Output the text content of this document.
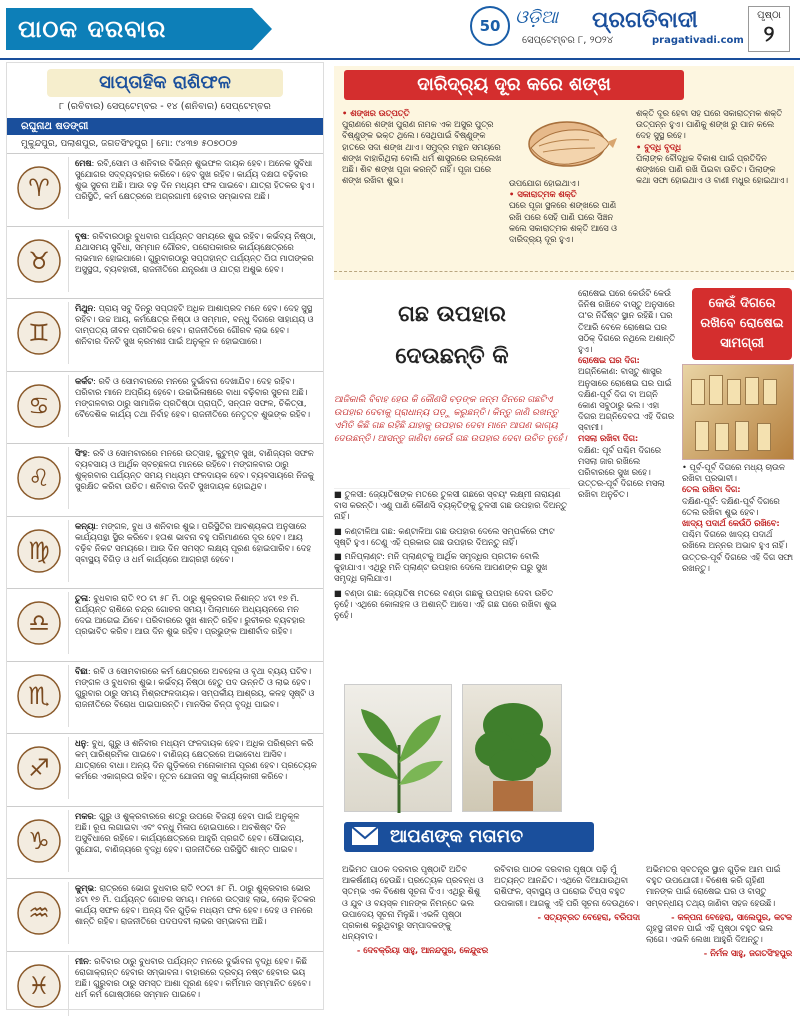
ପାଠକ ଦରବାର	50 ଓଡ଼ିଆ ପ୍ରଗତିବାଦୀ
ସେପ୍ଟେମ୍ବର ୮, ୨୦୨୪	pragativadi.com
ପୃଷ୍ଠା
୨
ସାପ୍ତାହିକ ରାଶିଫଳ
୮ (ରବିବାର) ସେପ୍ଟେମ୍ବର - ୧୪ (ଶନିବାର) ସେପ୍ଟେମ୍ବର
ରଘୁନାଥ ଷଡଙ୍ଗୀ
ମୁକୁନ୍ଦପୁର, ପଲାଶପୁର, ଜଗତସିଂହପୁର | ମୋ: ୯୪୩୭ ୫୦୭୦୦୭
♈
ମେଷ: ରବି,ସୋମ ଓ ଶନିବାର ବିଭିନ୍ନ ଶୁଭଫଳ ଦାୟକ ହେବ। ଅନେକ ସୁବିଧା ସୁଯୋଗର ସଦ୍ବ୍ୟବହାର କରିବେ। ହେବ ସୁଖ ରହିବ। କାର୍ଯ୍ୟ ଦକ୍ଷତା ବଢ଼ିବାର ଶୁଭ ସୁଚନା ଅଛି। ଆଉ ବଢ଼ ଦିନ ମଧ୍ୟମ ଫଳ ପାଇବେ। ଯାତ୍ରା ହିତକର ହୁଏ। ପରିସ୍ଥିତି, କର୍ମ କ୍ଷେତ୍ରରେ ଅଗ୍ରଗାମୀ ହେବାର ସମ୍ଭାବନା ଅଛି।
♉
ବୃଷ: ରବିବାରଠାରୁ ବୁଧବାର ପର୍ଯ୍ୟନ୍ତ ସମୟରେ ଶୁଭ ରହିବ। କର୍ଭବ୍ୟ ନିଷ୍ଠା, ଯଥାସମୟ ସୁବିଧା, ସମ୍ମାନ ଗୌରବ, ପରୋପକାରର କାର୍ଯ୍ୟକ୍ଷେତ୍ରରେ ଲାଭମାନ ହୋଇପାରେ। ଗୁରୁବାରଠାରୁ ସପ୍ତାହାନ୍ତ ପର୍ଯ୍ୟନ୍ତ ପିତା ମାତାଙ୍କର ଅସୁସ୍ଥତା, ବ୍ୟବହାରୀ, ରାଜନୀତିରେ ଯନ୍ତ୍ରଣା ଓ ଯାତ୍ରା ଅଶୁଭ ହେବ।
♊
ମିଥୁନ: ପ୍ରାୟ ସବୁ ଦିନରୁ ସପ୍ତାହଟି ଅଧିକ ଆଶାପ୍ରଦ ମନେ ହେବ। ଦେହ ସୁସ୍ଥ ରହିବ। ଉଚ୍ଚ ଆୟ, କର୍ମକ୍ଷେତ୍ର ନିଷ୍ଠା ଓ ସମ୍ମାନ, ବନ୍ଧୁ ଦିଗରେ ସାହାଯ୍ୟ ଓ ଦାମ୍ପତ୍ୟ ଜୀବନ ପ୍ରୀତିକର ହେବ। ରାଜନୀତିରେ ଗୌରବ ଲାଭ ହେବ। ଶନିବାର ଦିନଟି ସୁଖ କ୍ରମଶଃ ପାଇଁ ଅନୁକୂଳ ନ ହୋଇପାରେ।
♋
କର୍କଟ: ରବି ଓ ସୋମବାରରେ ମନରେ ଦୁର୍ଭାବନା ଦେଖାଯିବ। ଦେହ ରହିବ। ପରିବାର ମାନେ ଅପ୍ରିୟ ହେବେ। ଉଚ୍ଚାଭିଳାଷରେ ବାଧା ବଢ଼ିବାର ସୁଚନା ଅଛି। ମଙ୍ଗଳବାର ଠାରୁ ସାମାଜିକ ପ୍ରତିଷ୍ଠା ପ୍ରାପ୍ତି, ସନ୍ତାନ ସଫଳ, ଚିକିତ୍ସା, ବୈଦେଶିକ କାର୍ଯ୍ୟ ତଥା ନିର୍ବାହ ହେବ। ରାଜନୀତିରେ ନେତୃତ୍ବ ଶୁଭଙ୍କ ରହିବ।
♌
ସିଂହ: ରବି ଓ ସୋମବାରରେ ମନରେ ଉତ୍ସାହ, କୁଟୁମ୍ବ ସୁଖ, ବାଣିଜ୍ୟର ସଫଳ ବ୍ୟବସାୟ ଓ ଆର୍ଥିକ ସ୍ବଚ୍ଛଳତା ମାନରେ ରହିବେ। ମଙ୍ଗଳବାର ଠାରୁ ଶୁକ୍ରବାର ପର୍ଯ୍ୟନ୍ତ ସମୟ ମଧ୍ୟମ ଫଳଦାୟକ ହେବ। ବ୍ୟବସାୟରେ ନିଜକୁ ସୁରକ୍ଷିତ କରିବା ଉଚିତ। ଶନିବାର ଦିନଟି ସୁଖଦାୟକ ହୋଇଥିବ।
♍
କନ୍ୟା: ମଙ୍ଗଳ, ବୁଧ ଓ ଶନିବାର ଶୁଭ। ପରିସ୍ଥିତିର ଆବଶ୍ୟକତା ଅନୁସାରେ କାର୍ଯ୍ୟପନ୍ଥା ସ୍ଥିର କରିବେ। ହତାଶ ଭାବନା ବହୁ ପରିମାଣରେ ଦୂର ହେବ। ଆୟ ବଢ଼ିବ ନିକଟ ସମୟରେ। ଆଉ ଦିନ ସମସ୍ତ ଲକ୍ଷ୍ୟ ପୂରଣ ହୋଇପାରିବ। ଦେହ ସ୍ବାସ୍ଥ୍ୟ ବିଗିଡ଼ ଓ ଧର୍ମ କାର୍ଯ୍ୟରେ ଆଗ୍ରହୀ ହେବେ।
♎
ତୁଳା: ବୁଧବାର ରାତି ୧୦ ଟା ୫୮ ମି. ଠାରୁ ଶୁକ୍ରବାର ନିଶାନ୍ତ ୪ଟା ୧୭ ମି. ପର୍ଯ୍ୟନ୍ତ ରାଶିରେ ଚନ୍ଦ୍ର ଗୋଚର ସମୟ। ପିଲାମାନେ ଅଧ୍ୟୟନରେ ମନ ଦେଇ ଆଗେଇ ଯିବେ। ପରିବାରରେ ସୁଖ ଶାନ୍ତି ରହିବ। ରୁଚୀକର ବ୍ୟବହାର ପ୍ରଭାବିତ କରିବ। ଆଉ ଦିନ ଶୁଭ ରହିବ। ପ୍ରଭୁଙ୍କ ଆଶୀର୍ବାଦ ରହିବ।
♏
ବିଛା: ରବି ଓ ସୋମବାରରେ କର୍ମ କ୍ଷେତ୍ରରେ ଅବହେଳା ଓ ବୃଥା ବ୍ୟୟ ଘଟିବ। ମଙ୍ଗଳ ଓ ବୁଧବାର ଶୁଭ। କର୍ଭବ୍ୟ ନିଷ୍ଠା ହେତୁ ପଦ ଉନ୍ନତି ଓ ଲାଭ ହେବ। ଗୁରୁବାର ଠାରୁ ସମୟ ମିଶ୍ରଫଳଦାୟକ। ସମ୍ପର୍କୀୟ ଆଶ୍ରୟ, କଳହ ସୃଷ୍ଟି ଓ ରାଜନୀତିରେ ବିରୋଧ ପାଇପାରନ୍ତି। ମାନସିକ ଚିନ୍ତା ବୃଦ୍ଧି ପାଇବ।
♐
ଧନୁ: ବୁଧ, ଗୁରୁ ଓ ଶନିବାର ମଧ୍ୟମ ଫଳଦାୟକ ହେବ। ଅଧିକ ପରିଶ୍ରମ କରି କମ୍ ପାରିଶ୍ରମିକ ପାଇବେ। ବାଣିଜ୍ୟ କ୍ଷେତ୍ରରେ ଅଭାବୋଧ ଆସିବ। ଯାତ୍ରାରେ ବାଧା। ଅନ୍ୟ ଦିନ ଗୁଡ଼ିକରେ ମନୋକାମନା ପୂରଣ ହେବ। ପ୍ରତ୍ୟେକ କର୍ମରେ ଏକାଗ୍ରତା ରହିବ। ନୂତନ ଯୋଜନା ସବୁ କାର୍ଯ୍ୟକାରୀ କରିବେ।
♑
ମକର: ଗୁରୁ ଓ ଶୁକ୍ରବାରରେ ଶତ୍ରୁ ଉପରେ ବିଜୟୀ ହେବା ପାଇଁ ଅନୁକୂଳ ଅଛି। ରୂପ ଲଗାଇବା ଏବଂ ବନ୍ଧୁ ମିଳାପ ହୋଇପାରେ। ଅବଶିଷ୍ଟ ଦିନ ଅସୁବିଧାରେ ରହିବେ। କାର୍ଯ୍ୟକ୍ଷେତ୍ରରେ ଆହୁରି ପ୍ରଗତି ହେବ। ସୌଭାଗ୍ୟ, ସୁଯୋଗ, ବାଣିଜ୍ୟରେ ବୃଦ୍ଧି ହେବ। ରାଜନୀତିରେ ପରିସ୍ଥିତି ଶାନ୍ତ ପାଇବ।
♒
କୁମ୍ଭ: ରାତ୍ରରେ ଭୋଗ ବୁଧବାର ରାତି ୧୦ଟା ୫୮ ମି. ଠାରୁ ଶୁକ୍ରବାର ଭୋର ୪ଟା ୧୭ ମି. ପର୍ଯ୍ୟନ୍ତ ଗୋଚର ସମୟ। ମନରେ ଉତ୍ସାହ ଲାଭ, ଲୋକ ହିତକର କାର୍ଯ୍ୟ ସଫଳ ହେବ। ଅନ୍ୟ ଦିନ ଗୁଡ଼ିକ ମଧ୍ୟମ ଫଳ ହେବ। ଦେହ ଓ ମନରେ ଶାନ୍ତି ରହିବ। ରାଜନୀତିରେ ପଦପଦବୀ ଲାଭର ସମ୍ଭାବନା ଅଛି।
♓
ମୀନ: ରବିବାର ଠାରୁ ବୁଧବାର ପର୍ଯ୍ୟନ୍ତ ମନରେ ଦୁର୍ଭାବନା ବୃଦ୍ଧି ହେବ। କିଛି ରୋଗାକ୍ରାନ୍ତ ହେବାର ସମ୍ଭାବନା। ବାହାରରେ ଦ୍ରବ୍ୟ ନଷ୍ଟ ହେବାର ଭୟ ଅଛି। ଗୁରୁବାର ଠାରୁ ସମସ୍ତ ଆଶା ପୂରଣ ହେବ। କର୍ମିମାନ ସମ୍ମାନିତ ହେବେ। ଧର୍ମ କର୍ମ ଗୋଷ୍ଠୀରେ ସମ୍ମାନ ପାଇବେ।
ଦାରିଦ୍ର୍ୟ ଦୂର କରେ ଶଙ୍ଖ
• ଶଙ୍ଖର ଉତ୍ପତ୍ତି
ପୁରାଣରେ ଶଙ୍ଖ ପୁରାଣ ନାମକ ଏକ ଅସୁର ପୁତ୍ର ବିଷ୍ଣୁଙ୍କ ଭକ୍ତ ଥିଲେ। ସେଥିପାଇଁ ବିଷ୍ଣୁଙ୍କ ହାତରେ ସଦା ଶଙ୍ଖ ଥାଏ। ସମୁଦ୍ର ମନ୍ଥନ ସମୟରେ ଶଙ୍ଖ ବାହାରିଥିଲା ବୋଲି ଧର୍ମ ଶାସ୍ତ୍ରରେ ଉଲ୍ଲେଖ ଅଛି। ଶିବ ଶଙ୍ଖ ପୂଜା କରନ୍ତି ନାହିଁ। ପୂଜା ଘରେ ଶଙ୍ଖ ରଖିବା ଶୁଭ।	ଉପଯୋଗ ହୋଇଥାଏ।
• ସକାରାତ୍ମକ ଶକ୍ତି
ଘରେ ପୂଜା ସ୍ଥଳରେ ଶଙ୍ଖରେ ପାଣି ରଖି ପରେ ସେହି ପାଣି ଘରେ ସିଞ୍ଚନ କଲେ ସକାରାତ୍ମକ ଶକ୍ତି ଆସେ ଓ ଦାରିଦ୍ର୍ୟ ଦୂର ହୁଏ।
ଶକ୍ତି ଦୂର ହେବା ସହ ଘରେ ସକାରାତ୍ମକ ଶକ୍ତି ଉତ୍ପନ୍ନ ହୁଏ। ପାଣିକୁ ଶଙ୍ଖ ରୁ ପାନ କଲେ ଦେହ ସୁସ୍ଥ ରହେ।
• ବୁଦ୍ଧି ବୃଦ୍ଧି
ପିଲାଙ୍କ ବୌଦ୍ଧିକ ବିକାଶ ପାଇଁ ପ୍ରତିଦିନ ଶଙ୍ଖରେ ପାଣି ରଖି ପିଇବା ଉଚିତ। ପିଲାଙ୍କ କଥା ସଫା ହୋଇଥାଏ ଓ ବାଣୀ ମଧୁର ହୋଇଥାଏ।
ଗଛ ଉପହାର
ଦେଉଛନ୍ତି କି
ଆଜିକାଲି ବିବାହ ହେଉ କି କୌଣସି ବଡ଼ଙ୍କ ଜନ୍ମ ଦିନରେ ଗଛଟିଏ ଉପହାର ଦେବାକୁ ପ୍ରାଧାନ୍ୟ ପଡ଼ୁ କରୁଛନ୍ତି। କିନ୍ତୁ ଜାଣି ରଖନ୍ତୁ ଏମିତି କିଛି ଗଛ ରହିଛି ଯାହାକୁ ଉପହାର ଦେବା ମାନେ ଆପଣ ଭାଗ୍ୟ ଦେଉଛନ୍ତି। ଆସନ୍ତୁ ଜାଣିବା କେଉଁ ଗଛ ଉପହାର ଦେବା ଉଚିତ ନୁହେଁ।

■ ତୁଳସୀ: ଜ୍ୟୋତିଷଙ୍କ ମତରେ ତୁଳସୀ ଗଛରେ ସ୍ବୟଂ ଲକ୍ଷ୍ମୀ ନାରାୟଣ ବାସ କରନ୍ତି। ଏଣୁ ପାଣି କୌଣସି ବ୍ୟକ୍ତିଙ୍କୁ ତୁଳସୀ ଗଛ ଉପହାର ଦିଅନ୍ତୁ ନାହିଁ।

■ କଣ୍ଟାଳିଆ ଗଛ: କଣ୍ଟାଳିଆ ଗଛ ଉପହାର ଦେଲେ ସମ୍ପର୍କରେ ଫାଟ ସୃଷ୍ଟି ହୁଏ। ତେଣୁ ଏହି ପ୍ରକାର ଗଛ ଉପହାର ଦିଅନ୍ତୁ ନାହିଁ।

■ ମନିପ୍ଲାଣ୍ଟ: ମନି ପ୍ଲାଣ୍ଟକୁ ଆର୍ଥିକ ସମୃଦ୍ଧିର ପ୍ରତୀକ ବୋଲି କୁହାଯାଏ। ଏଥିରୁ ମନି ପ୍ଲାଣ୍ଟ ଉପହାର ଦେଲେ ଆପଣଙ୍କ ଘରୁ ସୁଖ ସମୃଦ୍ଧି ଚାଲିଯାଏ।

■ ବଣ୍ଡା ଗଛ: ଜ୍ୟୋତିଷ ମତରେ ବଣ୍ଡା ଗଛକୁ ଉପହାର ଦେବା ଉଚିତ ନୁହେଁ। ଏଥିରେ କୋଳାହଳ ଓ ଅଶାନ୍ତି ଆସେ। ଏହି ଗଛ ଘରେ ରଖିବା ଶୁଭ ନୁହେଁ।

ରୋଷେଇ ଘରେ କେଉଁଟି କେଉଁ ଜିନିଷ ରଖିବେ ବାସ୍ତୁ ଅନୁସାରେ ତା'ର ନିର୍ଦ୍ଦିଷ୍ଟ ସ୍ଥାନ ରହିଛି। ଘର ତିଆରି ବେଳେ ରୋଷେଇ ଘର ସଠିକ୍ ଦିଗରେ ନଥିଲେ ଅଶାନ୍ତି ହୁଏ।
ରୋଷେଇ ଘର ଦିଗ:
ଅଗ୍ନିକୋଣ: ବାସ୍ତୁ ଶାସ୍ତ୍ର ଅନୁସାରେ ରୋଷେଇ ଘର ପାଇଁ ଦକ୍ଷିଣ-ପୂର୍ବ ଦିଗ ବା ଅଗ୍ନି କୋଣ ସବୁଠାରୁ ଭଲ। ଏହା ଦିଗର ଅଗ୍ନିଦେବତା ଏହି ଦିଗର ସ୍ବାମୀ।
ମସଲା ରଖିବା ଦିଗ:
ଦକ୍ଷିଣ: ପୂର୍ବ ପଶ୍ଚିମ ଦିଗରେ ମସଲା ଜାର ରଖିଲେ ପରିବାରରେ ସୁଖ ରହେ। ଉତ୍ତର-ପୂର୍ବ ଦିଗରେ ମସଲା ରଖିବା ଅନୁଚିତ।
କେଉଁ ଦିଗରେ ରଖିବେ ରୋଷେଇ ସାମଗ୍ରୀ
• ପୂର୍ବ-ପୂର୍ବ ଦିଗରେ ମଧ୍ୟ ଚାଉଳ ରଖିବା ପ୍ରଭାବୀ।
ତେଲ ରଖିବା ଦିଗ:
ଦକ୍ଷିଣ-ପୂର୍ବ: ଦକ୍ଷିଣ-ପୂର୍ବ ଦିଗରେ ତେଲ ରଖିବା ଶୁଭ ହେବ।
ଖାଦ୍ୟ ପଦାର୍ଥ କେଉଁଠି ରଖିବେ:
ପଶ୍ଚିମ ଦିଗରେ ଖାଦ୍ୟ ପଦାର୍ଥ ରଖିଲେ ଅନ୍ନର ଅଭାବ ହୁଏ ନାହିଁ। ଉତ୍ତର-ପୂର୍ବ ଦିଗରେ ଏହି ଦିଗ ସଫା ରଖନ୍ତୁ।
ଆପଣଙ୍କ ମତାମତ
ଅଭିମତ ପାଠକ ଦରବାର ପୃଷ୍ଠାଟି ଅତିବ ଆକର୍ଷଣୀୟ ହେଉଛି। ପ୍ରତ୍ୟେକ ପ୍ରବନ୍ଧ ଓ ସ୍ତମ୍ଭ ଏକ ବିଶେଷ ସୂଚନା ଦିଏ। ଏଥିରୁ ଶିଶୁ ଓ ଯୁବ ଓ ବୟସ୍କ ମାନଙ୍କ ନିମନ୍ତେ ଭଲ ଉପାଦେୟ ସୂଚନା ମିଳୁଛି। ଏଭଳି ପୃଷ୍ଠା ପ୍ରକାଶ କରୁଥିବାରୁ ସମ୍ପାଦକଙ୍କୁ ଧନ୍ୟବାଦ।
- ଦେବକ୍ରିୟା ସାହୁ, ଆନନ୍ଦପୁର, କେନ୍ଦୁଝର
ରବିବାର ପାଠକ ଦରବାର ପୃଷ୍ଠା ପଢ଼ି ମୁଁ ଅତ୍ୟନ୍ତ ଆନନ୍ଦିତ। ଏଥିରେ ଦିଆଯାଉଥିବା ରାଶିଫଳ, ସ୍ବାସ୍ଥ୍ୟ ଓ ଘରୋଇ ଟିପ୍ସ ବହୁତ ଉପକାରୀ। ଆଗକୁ ଏହି ପରି ସୂଚନା ଦେଉଥିବେ।
- ସତ୍ୟବ୍ରତ ବେହେରା, ବରିପଦା
ଅଭିମତର ସ୍ବତନ୍ତ୍ର ସ୍ଥାନ ଗୁଡ଼ିକ ଆମ ପାଇଁ ବହୁତ ଉପଯୋଗୀ। ବିଶେଷ କରି ଗୃହିଣୀ ମାନଙ୍କ ପାଇଁ ରୋଷେଇ ଘର ଓ ବାସ୍ତୁ ସମ୍ବନ୍ଧୀୟ ତଥ୍ୟ ଜାଣିବା ସହଜ ହେଉଛି।
- କଳ୍ପନା ବେହେରା, ସାଲେପୁର, କଟକ
ଗୃହସ୍ଥ ଜୀବନ ପାଇଁ ଏହି ପୃଷ୍ଠା ବହୁତ ଭଲ ଲାଗେ। ଏଭଳି ଲେଖା ଆହୁରି ଦିଅନ୍ତୁ।
- ନିର୍ମଳ ସାହୁ, ଜଗତସିଂହପୁର
